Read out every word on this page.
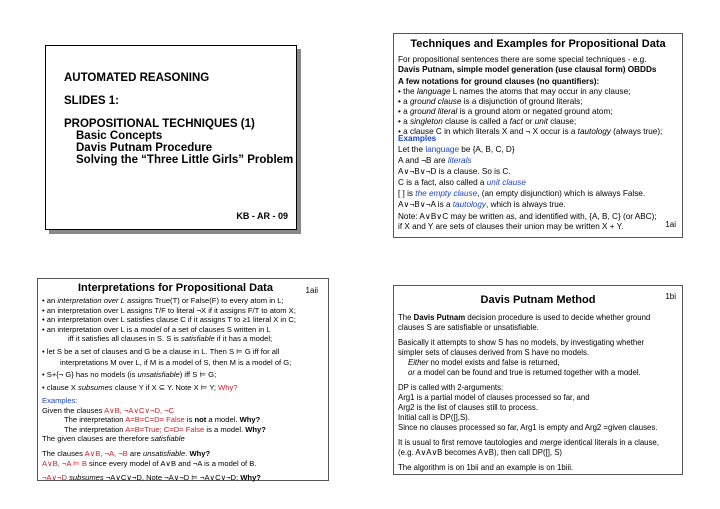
AUTOMATED REASONING
SLIDES 1:
PROPOSITIONAL TECHNIQUES (1)
Basic Concepts
Davis Putnam Procedure
Solving the “Three Little Girls” Problem
KB - AR - 09
Techniques and Examples for Propositional Data
For propositional sentences there are some special techniques - e.g.
Davis Putnam, simple model generation (use clausal form) OBDDs
A few notations for ground clauses (no quantifiers):
• the language L names the atoms that may occur in any clause;
• a ground clause is a disjunction of ground literals;
• a ground literal is a ground atom or negated ground atom;
• a singleton clause is called a fact or unit clause;
• a clause C in which literals X and ¬ X occur is a tautology (always true);
Examples
Let the language be {A, B, C, D}
A and ¬B are literals
A∨¬B∨¬D is a clause. So is C.
C is a fact, also called a unit clause
[ ] is the empty clause, (an empty disjunction) which is always False.
A∨¬B∨¬A is a tautology, which is always true.
Note: A∨B∨C may be written as, and identified with, {A, B, C} (or ABC);
if X and Y are sets of clauses their union may be written X + Y.	1ai
Interpretations for Propositional Data	1aii
• an interpretation over L assigns True(T) or False(F) to every atom in L;
• an interpretation over L assigns T/F to literal ¬X if it assigns F/T to atom X;
• an interpretation over L satisfies clause C if it assigns T to ≥1 literal X in C;
• an interpretation over L is a model of a set of clauses S written in L
iff it satisfies all clauses in S. S is satisfiable if it has a model;
• let S be a set of clauses and G be a clause in L. Then S ⊨ G iff for all
interpretations M over L, if M is a model of S, then M is a model of G;
• S+{¬ G} has no models (is unsatisfiable) iff S ⊨ G;
• clause X subsumes clause Y if X ⊆ Y. Note X ⊨ Y; Why?
Examples:
Given the clauses A∨B, ¬A∨C∨¬D, ¬C
The interpretation A=B=C=D= False is not a model. Why?
The interpretation A=B=True; C=D= False is a model. Why?
The given clauses are therefore satisfiable
The clauses A∨B, ¬A, ¬B are unsatisfiable. Why?
A∨B, ¬A ⊨ B since every model of A∨B and ¬A is a model of B.
¬A∨¬D subsumes ¬A∨C∨¬D, Note ¬A∨¬D ⊨ ¬A∨C∨¬D; Why?
Davis Putnam Method	1bi
The Davis Putnam decision procedure is used to decide whether ground
clauses S are satisfiable or unsatisfiable.
Basically it attempts to show S has no models, by investigating whether
simpler sets of clauses derived from S have no models.
Either no model exists and false is returned,
or a model can be found and true is returned together with a model.
DP is called with 2-arguments:
Arg1 is a partial model of clauses processed so far, and
Arg2 is the list of clauses still to process.
Initial call is DP([],S).
Since no clauses processed so far, Arg1 is empty and Arg2 =given clauses.
It is usual to first remove tautologies and merge identical literals in a clause,
(e.g. A∨A∨B becomes A∨B), then call DP([], S)
The algorithm is on 1bii and an example is on 1biii.
